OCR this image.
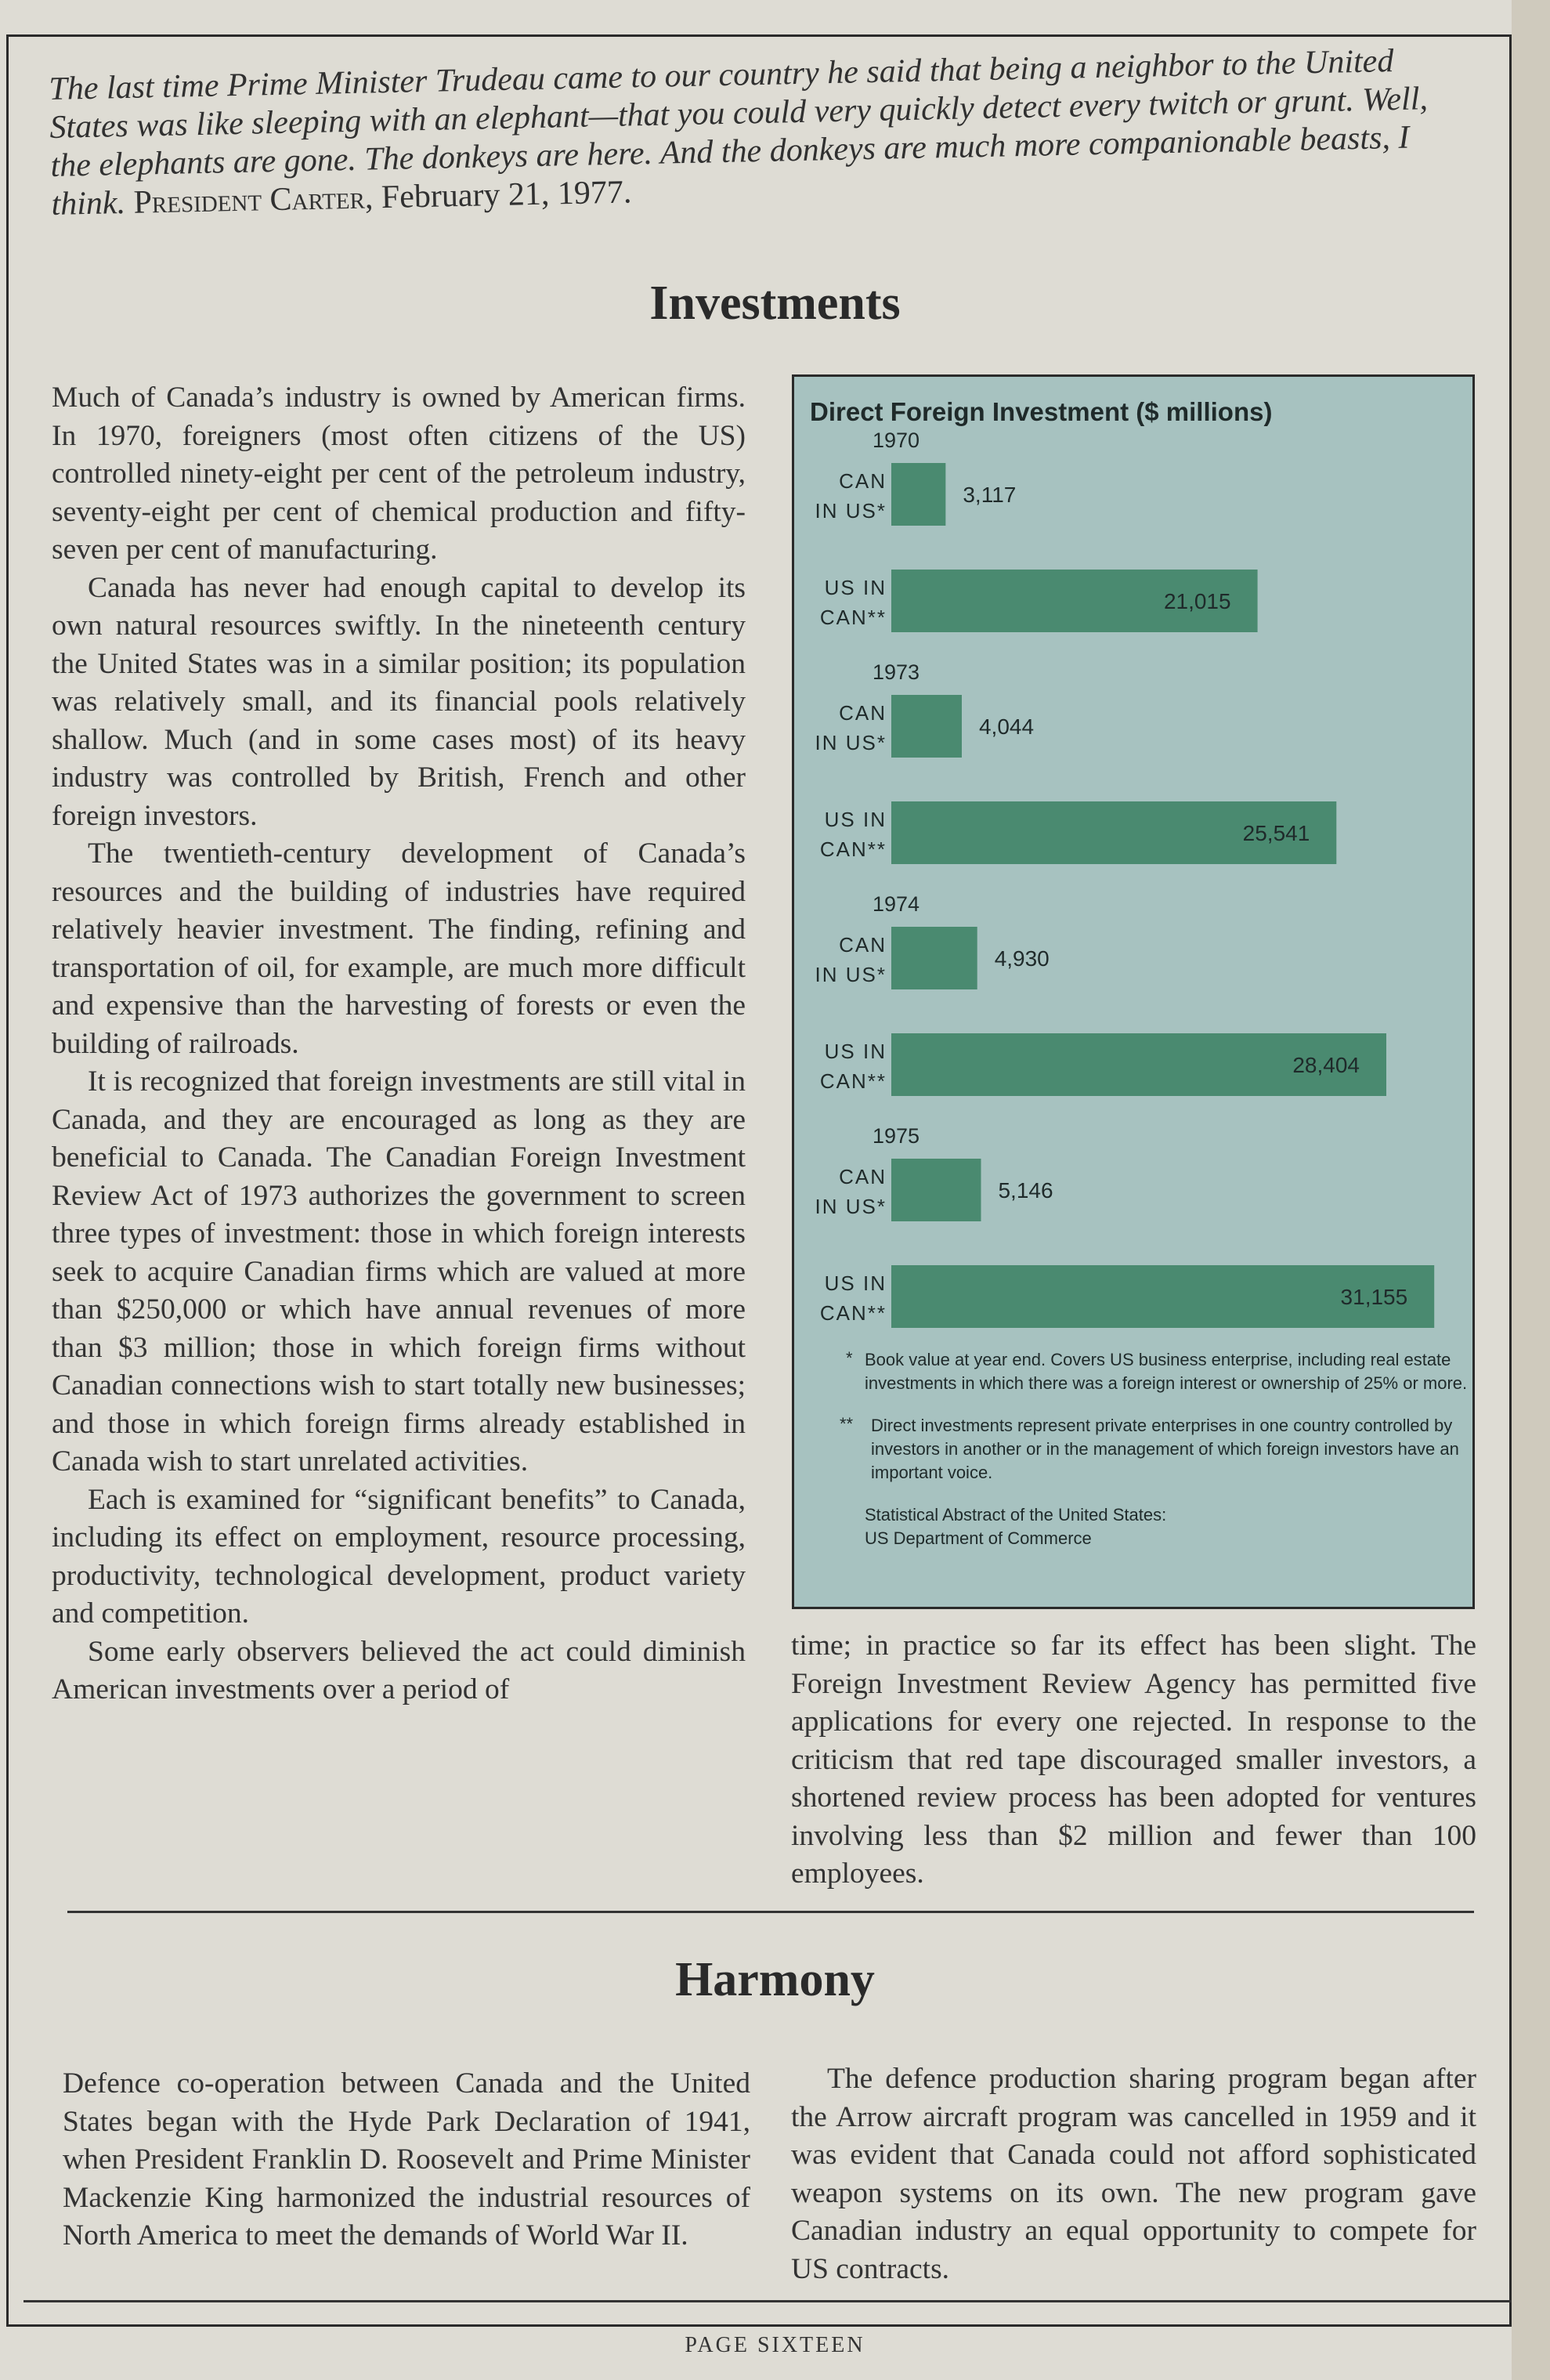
The last time Prime Minister Trudeau came to our country he said that being a neighbor to the United States was like sleeping with an elephant—that you could very quickly detect every twitch or grunt. Well, the elephants are gone. The donkeys are here. And the donkeys are much more companionable beasts, I think. President Carter, February 21, 1977.
Investments

Much of Canada’s industry is owned by American firms. In 1970, foreigners (most often citizens of the US) controlled ninety-eight per cent of the petroleum industry, seventy-eight per cent of chemical production and fifty-seven per cent of manufacturing.

Canada has never had enough capital to develop its own natural resources swiftly. In the nineteenth century the United States was in a similar position; its population was relatively small, and its financial pools relatively shallow. Much (and in some cases most) of its heavy industry was controlled by British, French and other foreign investors.

The twentieth-century development of Canada’s resources and the building of industries have required relatively heavier investment. The finding, refining and transportation of oil, for example, are much more difficult and expensive than the harvesting of forests or even the building of railroads.

It is recognized that foreign investments are still vital in Canada, and they are encouraged as long as they are beneficial to Canada. The Canadian Foreign Investment Review Act of 1973 authorizes the government to screen three types of investment: those in which foreign interests seek to acquire Canadian firms which are valued at more than $250,000 or which have annual revenues of more than $3 million; those in which foreign firms without Canadian connections wish to start totally new businesses; and those in which foreign firms already established in Canada wish to start unrelated activities.

Each is examined for “significant benefits” to Canada, including its effect on employment, resource processing, productivity, technological development, product variety and competition.

Some early observers believed the act could diminish American investments over a period of

Direct Foreign Investment ($ millions)
1970
CAN
IN US*
3,117
US IN
CAN**
21,015
1973
CAN
IN US*
4,044
US IN
CAN**
25,541
1974
CAN
IN US*
4,930
US IN
CAN**
28,404
1975
CAN
IN US*
5,146
US IN
CAN**
31,155
* Book value at year end. Covers US business enterprise, including real estate investments in which there was a foreign interest or ownership of 25% or more.
** Direct investments represent private enterprises in one country controlled by investors in another or in the management of which foreign investors have an important voice.
Statistical Abstract of the United States:
US Department of Commerce

time; in practice so far its effect has been slight. The Foreign Investment Review Agency has permitted five applications for every one rejected. In response to the criticism that red tape discouraged smaller investors, a shortened review process has been adopted for ventures involving less than $2 million and fewer than 100 employees.

Harmony

Defence co-operation between Canada and the United States began with the Hyde Park Declaration of 1941, when President Franklin D. Roosevelt and Prime Minister Mackenzie King harmonized the industrial resources of North America to meet the demands of World War II.

The defence production sharing program began after the Arrow aircraft program was cancelled in 1959 and it was evident that Canada could not afford sophisticated weapon systems on its own. The new program gave Canadian industry an equal opportunity to compete for US contracts.

PAGE SIXTEEN
